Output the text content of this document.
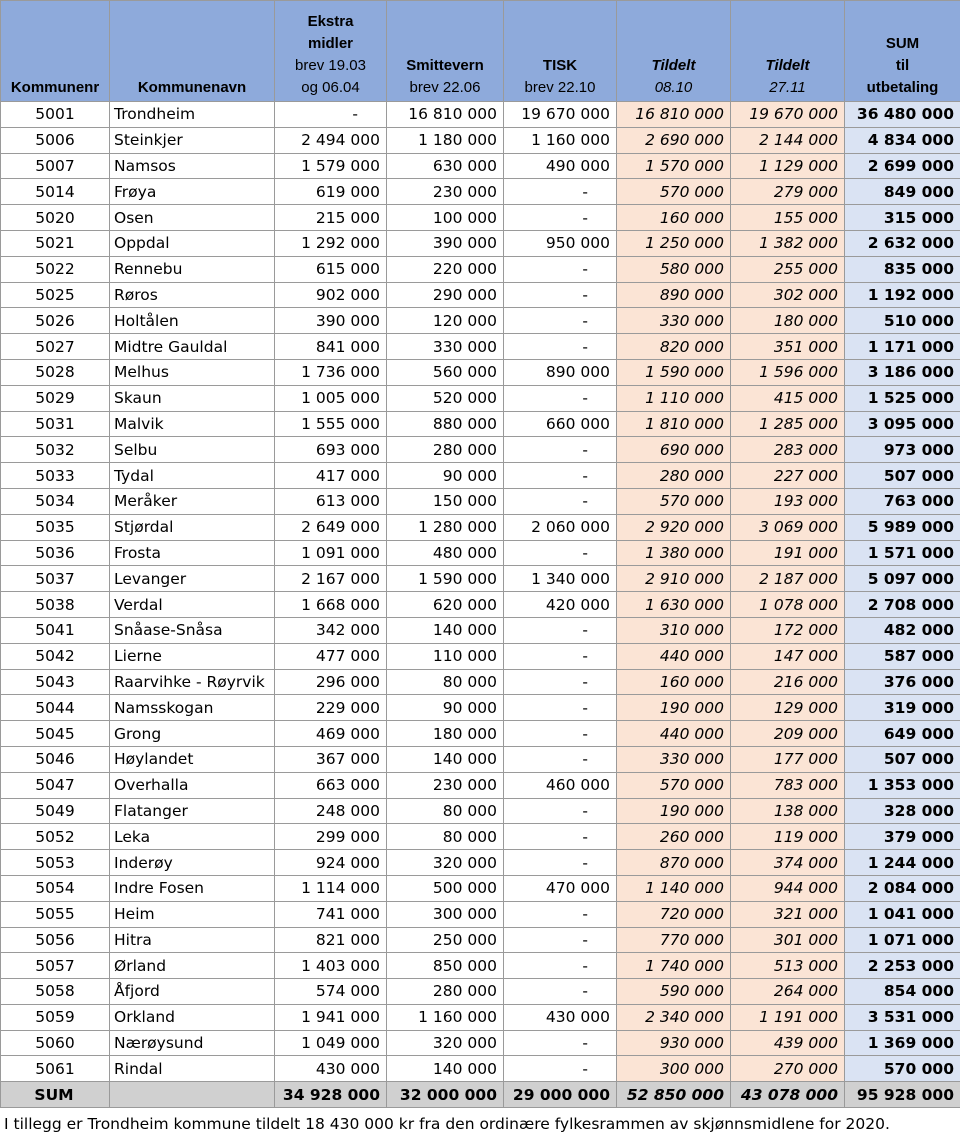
Kommunenr	Kommunenavn	Ekstra
midler
brev 19.03
og 06.04	Smittevern
brev 22.06	TISK
brev 22.10	Tildelt
08.10	Tildelt
27.11	SUM
til
utbetaling

5001	Trondheim	-	16 810 000	19 670 000	16 810 000	19 670 000	36 480 000
5006	Steinkjer	2 494 000	1 180 000	1 160 000	2 690 000	2 144 000	4 834 000
5007	Namsos	1 579 000	630 000	490 000	1 570 000	1 129 000	2 699 000
5014	Frøya	619 000	230 000	-	570 000	279 000	849 000
5020	Osen	215 000	100 000	-	160 000	155 000	315 000
5021	Oppdal	1 292 000	390 000	950 000	1 250 000	1 382 000	2 632 000
5022	Rennebu	615 000	220 000	-	580 000	255 000	835 000
5025	Røros	902 000	290 000	-	890 000	302 000	1 192 000
5026	Holtålen	390 000	120 000	-	330 000	180 000	510 000
5027	Midtre Gauldal	841 000	330 000	-	820 000	351 000	1 171 000
5028	Melhus	1 736 000	560 000	890 000	1 590 000	1 596 000	3 186 000
5029	Skaun	1 005 000	520 000	-	1 110 000	415 000	1 525 000
5031	Malvik	1 555 000	880 000	660 000	1 810 000	1 285 000	3 095 000
5032	Selbu	693 000	280 000	-	690 000	283 000	973 000
5033	Tydal	417 000	90 000	-	280 000	227 000	507 000
5034	Meråker	613 000	150 000	-	570 000	193 000	763 000
5035	Stjørdal	2 649 000	1 280 000	2 060 000	2 920 000	3 069 000	5 989 000
5036	Frosta	1 091 000	480 000	-	1 380 000	191 000	1 571 000
5037	Levanger	2 167 000	1 590 000	1 340 000	2 910 000	2 187 000	5 097 000
5038	Verdal	1 668 000	620 000	420 000	1 630 000	1 078 000	2 708 000
5041	Snåase-Snåsa	342 000	140 000	-	310 000	172 000	482 000
5042	Lierne	477 000	110 000	-	440 000	147 000	587 000
5043	Raarvihke - Røyrvik	296 000	80 000	-	160 000	216 000	376 000
5044	Namsskogan	229 000	90 000	-	190 000	129 000	319 000
5045	Grong	469 000	180 000	-	440 000	209 000	649 000
5046	Høylandet	367 000	140 000	-	330 000	177 000	507 000
5047	Overhalla	663 000	230 000	460 000	570 000	783 000	1 353 000
5049	Flatanger	248 000	80 000	-	190 000	138 000	328 000
5052	Leka	299 000	80 000	-	260 000	119 000	379 000
5053	Inderøy	924 000	320 000	-	870 000	374 000	1 244 000
5054	Indre Fosen	1 114 000	500 000	470 000	1 140 000	944 000	2 084 000
5055	Heim	741 000	300 000	-	720 000	321 000	1 041 000
5056	Hitra	821 000	250 000	-	770 000	301 000	1 071 000
5057	Ørland	1 403 000	850 000	-	1 740 000	513 000	2 253 000
5058	Åfjord	574 000	280 000	-	590 000	264 000	854 000
5059	Orkland	1 941 000	1 160 000	430 000	2 340 000	1 191 000	3 531 000
5060	Nærøysund	1 049 000	320 000	-	930 000	439 000	1 369 000
5061	Rindal	430 000	140 000	-	300 000	270 000	570 000
SUM		34 928 000	32 000 000	29 000 000	52 850 000	43 078 000	95 928 000
I tillegg er Trondheim kommune tildelt 18 430 000 kr fra den ordinære fylkesrammen av skjønnsmidlene for 2020.
